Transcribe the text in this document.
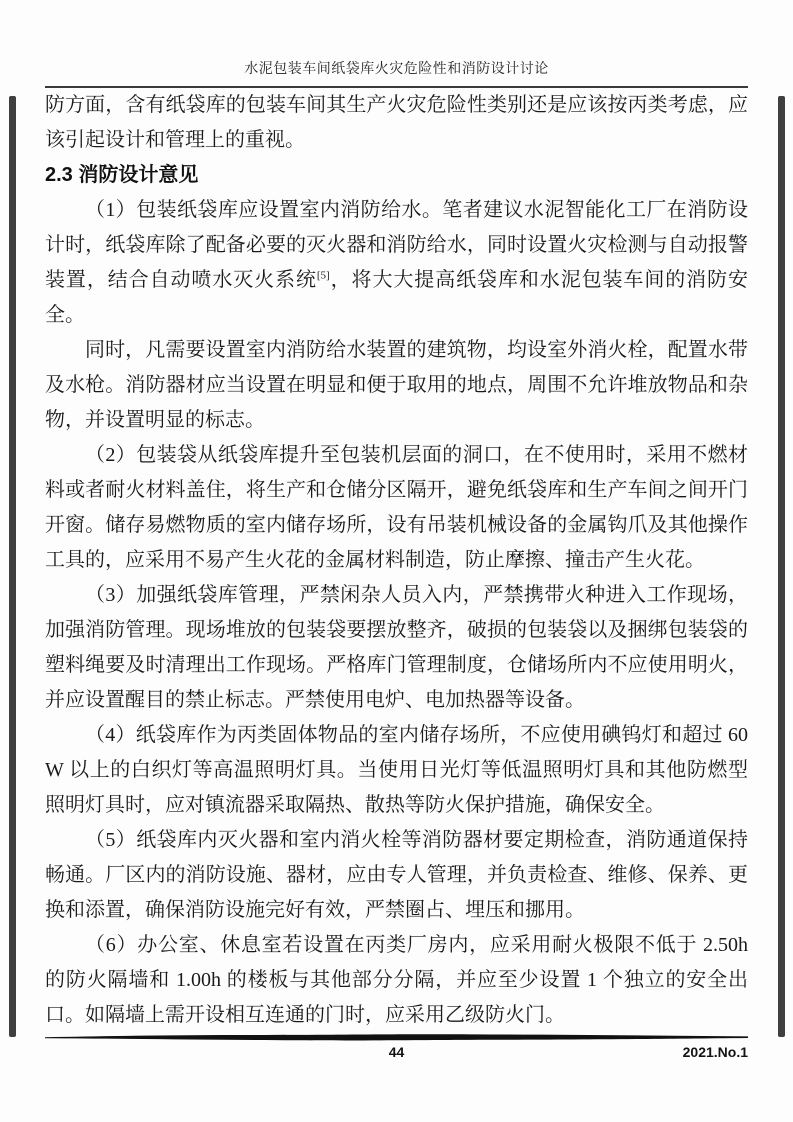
水泥包装车间纸袋库火灾危险性和消防设计讨论

防方面，含有纸袋库的包装车间其生产火灾危险性类别还是应该按丙类考虑，应该引起设计和管理上的重视。

2.3 消防设计意见

（1）包装纸袋库应设置室内消防给水。笔者建议水泥智能化工厂在消防设计时，纸袋库除了配备必要的灭火器和消防给水，同时设置火灾检测与自动报警装置，结合自动喷水灭火系统[5]，将大大提高纸袋库和水泥包装车间的消防安全。

同时，凡需要设置室内消防给水装置的建筑物，均设室外消火栓，配置水带及水枪。消防器材应当设置在明显和便于取用的地点，周围不允许堆放物品和杂物，并设置明显的标志。

（2）包装袋从纸袋库提升至包装机层面的洞口，在不使用时，采用不燃材料或者耐火材料盖住，将生产和仓储分区隔开，避免纸袋库和生产车间之间开门开窗。储存易燃物质的室内储存场所，设有吊装机械设备的金属钩爪及其他操作工具的，应采用不易产生火花的金属材料制造，防止摩擦、撞击产生火花。

（3）加强纸袋库管理，严禁闲杂人员入内，严禁携带火种进入工作现场，加强消防管理。现场堆放的包装袋要摆放整齐，破损的包装袋以及捆绑包装袋的塑料绳要及时清理出工作现场。严格库门管理制度，仓储场所内不应使用明火，并应设置醒目的禁止标志。严禁使用电炉、电加热器等设备。

（4）纸袋库作为丙类固体物品的室内储存场所，不应使用碘钨灯和超过 60W 以上的白织灯等高温照明灯具。当使用日光灯等低温照明灯具和其他防燃型照明灯具时，应对镇流器采取隔热、散热等防火保护措施，确保安全。

（5）纸袋库内灭火器和室内消火栓等消防器材要定期检查，消防通道保持畅通。厂区内的消防设施、器材，应由专人管理，并负责检查、维修、保养、更换和添置，确保消防设施完好有效，严禁圈占、埋压和挪用。

（6）办公室、休息室若设置在丙类厂房内，应采用耐火极限不低于 2.50h 的防火隔墙和 1.00h 的楼板与其他部分分隔，并应至少设置 1 个独立的安全出口。如隔墙上需开设相互连通的门时，应采用乙级防火门。

44	2021.No.1
